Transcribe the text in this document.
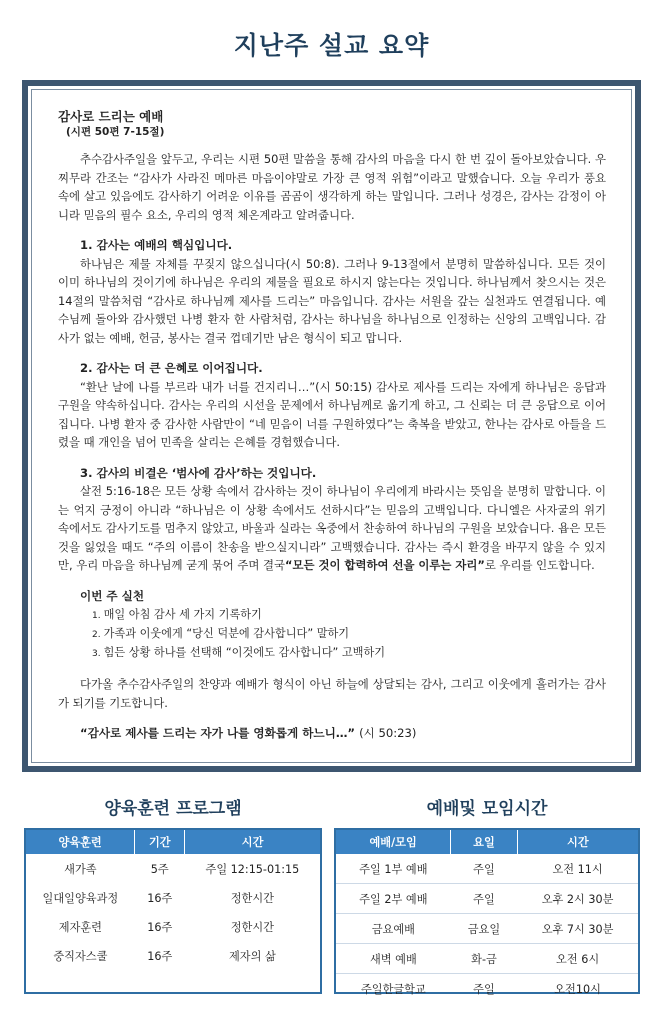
지난주 설교 요약
감사로 드리는 예배
(시편 50편 7-15절)

추수감사주일을 앞두고, 우리는 시편 50편 말씀을 통해 감사의 마음을 다시 한 번 깊이 돌아보았습니다. 우찌무라 간조는 “감사가 사라진 메마른 마음이야말로 가장 큰 영적 위험”이라고 말했습니다. 오늘 우리가 풍요 속에 살고 있음에도 감사하기 어려운 이유를 곰곰이 생각하게 하는 말입니다. 그러나 성경은, 감사는 감정이 아니라 믿음의 필수 요소, 우리의 영적 체온계라고 알려줍니다.

1. 감사는 예배의 핵심입니다.

하나님은 제물 자체를 꾸짖지 않으십니다(시 50:8). 그러나 9-13절에서 분명히 말씀하십니다. 모든 것이 이미 하나님의 것이기에 하나님은 우리의 제물을 필요로 하시지 않는다는 것입니다. 하나님께서 찾으시는 것은 14절의 말씀처럼 “감사로 하나님께 제사를 드리는” 마음입니다. 감사는 서원을 갚는 실천과도 연결됩니다. 예수님께 돌아와 감사했던 나병 환자 한 사람처럼, 감사는 하나님을 하나님으로 인정하는 신앙의 고백입니다. 감사가 없는 예배, 헌금, 봉사는 결국 껍데기만 남은 형식이 되고 맙니다.

2. 감사는 더 큰 은혜로 이어집니다.

“환난 날에 나를 부르라 내가 너를 건지리니…”(시 50:15) 감사로 제사를 드리는 자에게 하나님은 응답과 구원을 약속하십니다. 감사는 우리의 시선을 문제에서 하나님께로 옮기게 하고, 그 신뢰는 더 큰 응답으로 이어집니다. 나병 환자 중 감사한 사람만이 “네 믿음이 너를 구원하였다”는 축복을 받았고, 한나는 감사로 아들을 드렸을 때 개인을 넘어 민족을 살리는 은혜를 경험했습니다.

3. 감사의 비결은 ‘범사에 감사’하는 것입니다.

살전 5:16-18은 모든 상황 속에서 감사하는 것이 하나님이 우리에게 바라시는 뜻임을 분명히 말합니다. 이는 억지 긍정이 아니라 “하나님은 이 상황 속에서도 선하시다”는 믿음의 고백입니다. 다니엘은 사자굴의 위기 속에서도 감사기도를 멈추지 않았고, 바울과 실라는 옥중에서 찬송하여 하나님의 구원을 보았습니다. 욥은 모든 것을 잃었을 때도 “주의 이름이 찬송을 받으실지니라” 고백했습니다. 감사는 즉시 환경을 바꾸지 않을 수 있지만, 우리 마음을 하나님께 굳게 묶어 주며 결국“모든 것이 합력하여 선을 이루는 자리”로 우리를 인도합니다.

이번 주 실천
1. 매일 아침 감사 세 가지 기록하기
2. 가족과 이웃에게 “당신 덕분에 감사합니다” 말하기
3. 힘든 상황 하나를 선택해 “이것에도 감사합니다” 고백하기

다가올 추수감사주일의 찬양과 예배가 형식이 아닌 하늘에 상달되는 감사, 그리고 이웃에게 흘러가는 감사가 되기를 기도합니다.

“감사로 제사를 드리는 자가 나를 영화롭게 하느니…” (시 50:23)
양육훈련 프로그램
양육훈련	기간	시간
새가족	5주	주일 12:15-01:15
일대일양육과정	16주	정한시간
제자훈련	16주	정한시간
중직자스쿨	16주	제자의 삶
예배및 모임시간
예배/모임	요일	시간
주일 1부 예배	주일	오전 11시
주일 2부 예배	주일	오후 2시 30분
금요예배	금요일	오후 7시 30분
새벽 예배	화-금	오전 6시
주일한글학교	주일	오전10시
